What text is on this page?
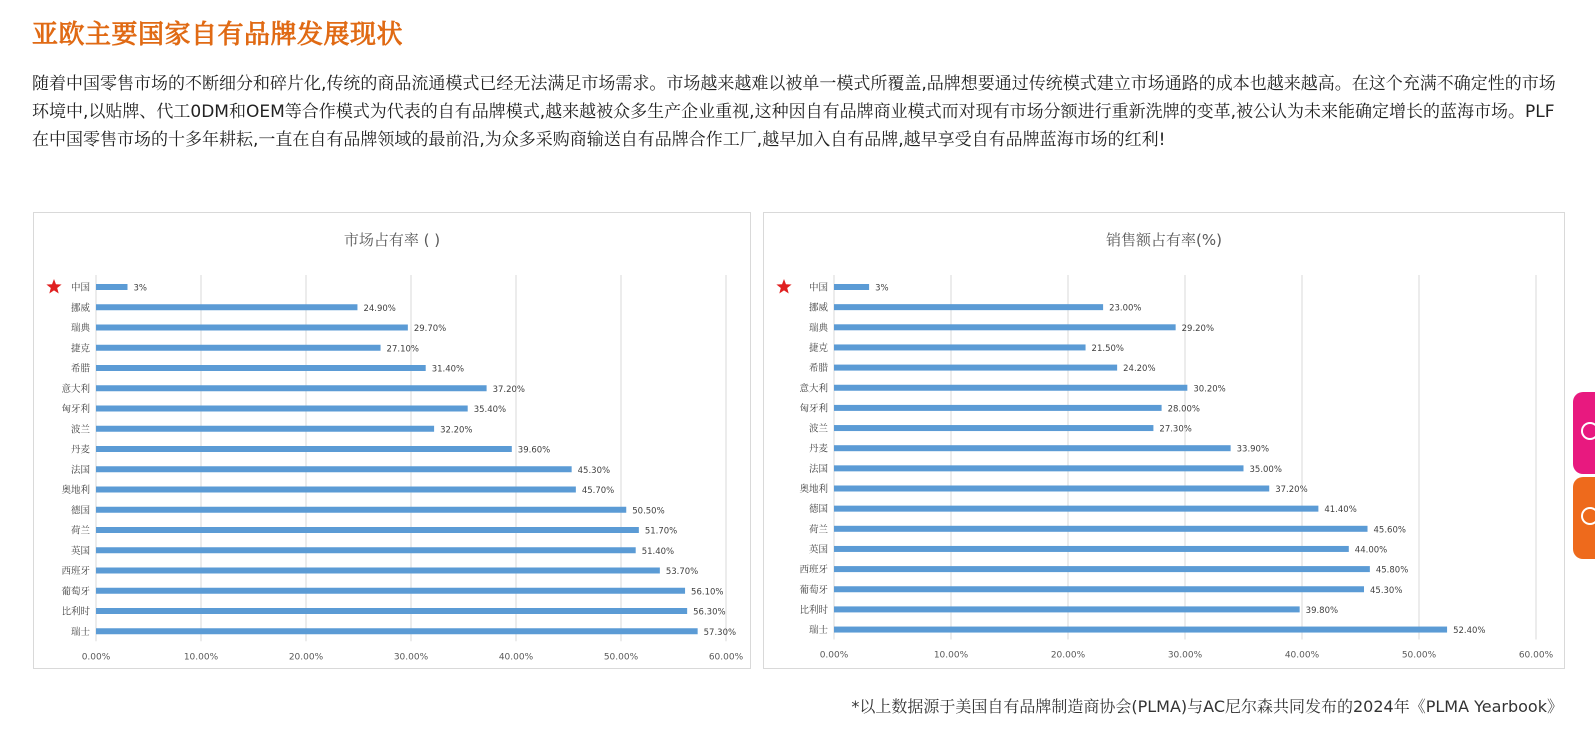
亚欧主要国家自有品牌发展现状
随着中国零售市场的不断细分和碎片化,传统的商品流通模式已经无法满足市场需求。市场越来越难以被单一模式所覆盖,品牌想要通过传统模式建立市场通路的成本也越来越高。在这个充满不确定性的市场环境中,以贴牌、代工0DM和OEM等合作模式为代表的自有品牌模式,越来越被众多生产企业重视,这种因自有品牌商业模式而对现有市场分额进行重新洗牌的变革,被公认为未来能确定增长的蓝海市场。PLF在中国零售市场的十多年耕耘,一直在自有品牌领域的最前沿,为众多采购商输送自有品牌合作工厂,越早加入自有品牌,越早享受自有品牌蓝海市场的红利!
市场占有率 ( )
0.00%	10.00%	20.00%	30.00%	40.00%	50.00%	60.00%
中国	3%
挪威	24.90%
瑞典	29.70%
捷克	27.10%
希腊	31.40%
意大利	37.20%
匈牙利	35.40%
波兰	32.20%
丹麦	39.60%
法国	45.30%
奥地利	45.70%
德国	50.50%
荷兰	51.70%
英国	51.40%
西班牙	53.70%
葡萄牙	56.10%
比利时	56.30%
瑞士	57.30%
销售额占有率(%)
0.00%	10.00%	20.00%	30.00%	40.00%	50.00%	60.00%
中国	3%
挪威	23.00%
瑞典	29.20%
捷克	21.50%
希腊	24.20%
意大利	30.20%
匈牙利	28.00%
波兰	27.30%
丹麦	33.90%
法国	35.00%
奥地利	37.20%
德国	41.40%
荷兰	45.60%
英国	44.00%
西班牙	45.80%
葡萄牙	45.30%
比利时	39.80%
瑞士	52.40%
*以上数据源于美国自有品牌制造商协会(PLMA)与AC尼尔森共同发布的2024年《PLMA Yearbook》
